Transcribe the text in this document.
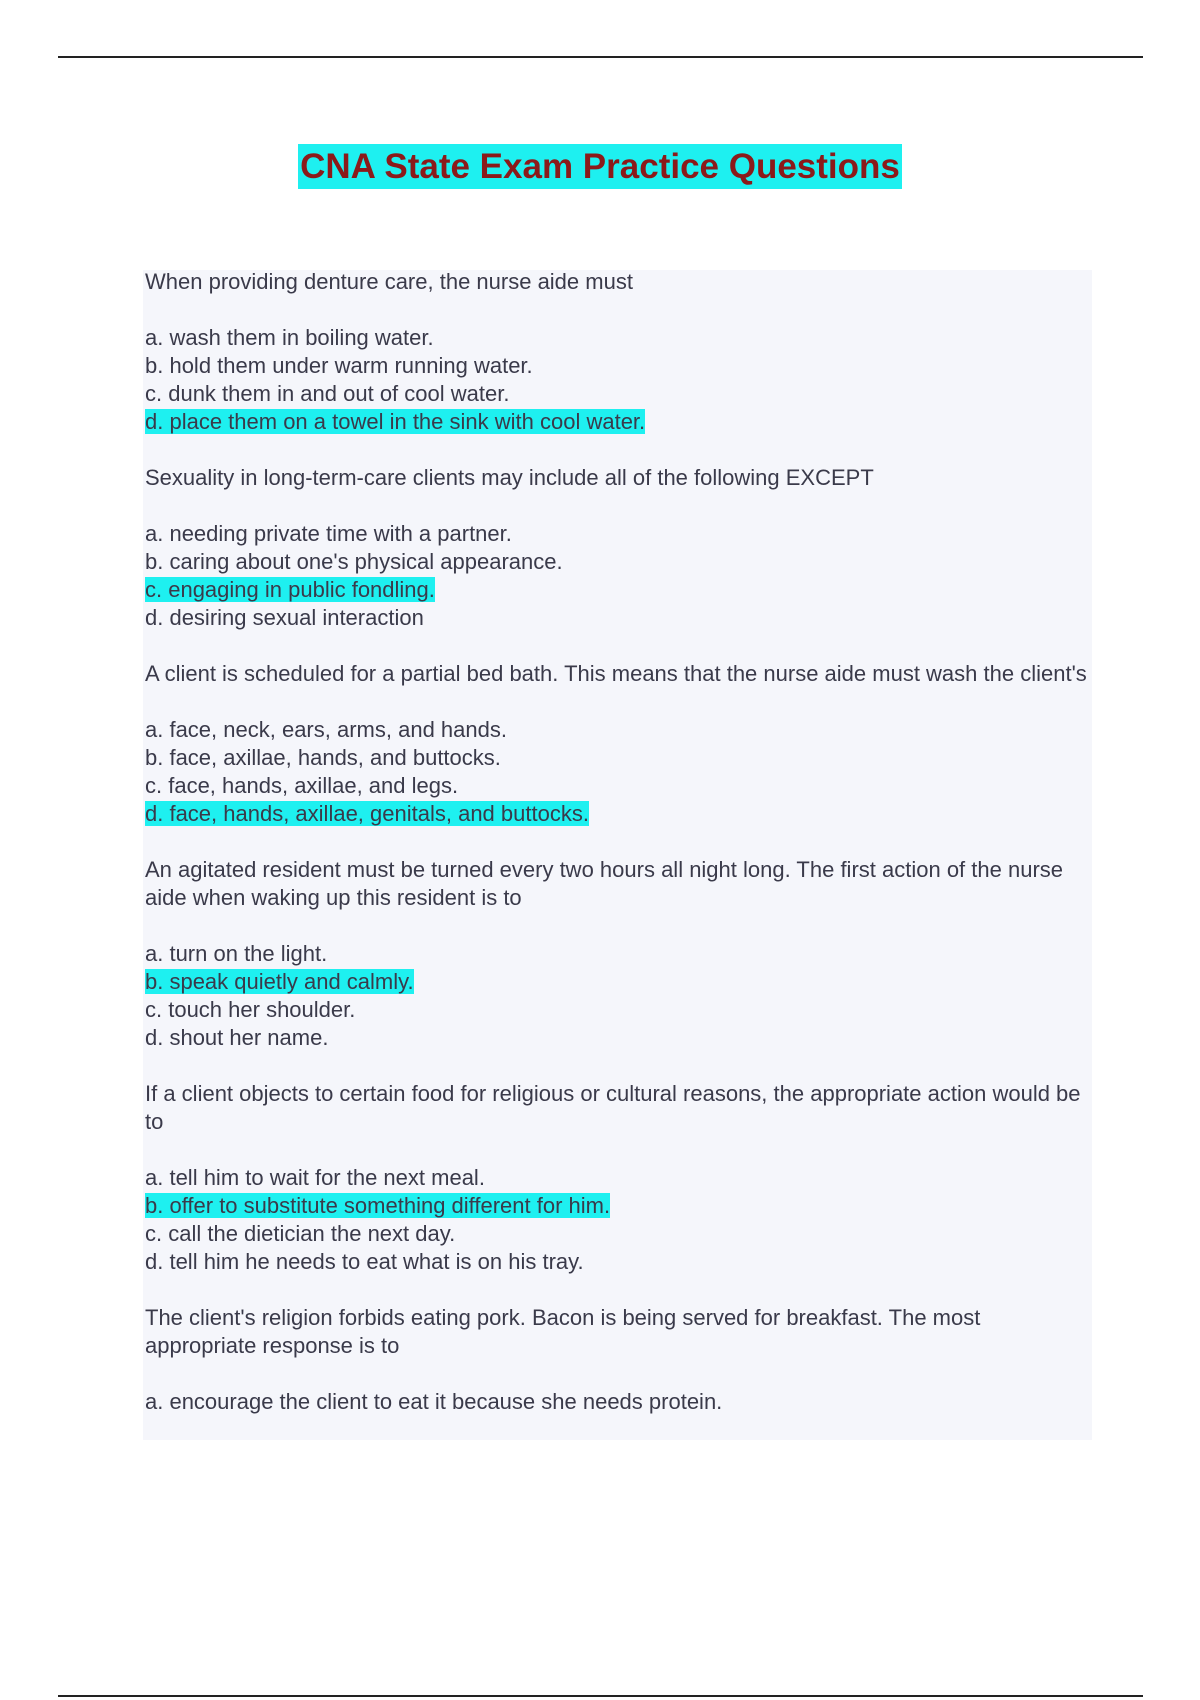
CNA State Exam Practice Questions
When providing denture care, the nurse aide must
a. wash them in boiling water.
b. hold them under warm running water.
c. dunk them in and out of cool water.
d. place them on a towel in the sink with cool water.
Sexuality in long-term-care clients may include all of the following EXCEPT
a. needing private time with a partner.
b. caring about one's physical appearance.
c. engaging in public fondling.
d. desiring sexual interaction
A client is scheduled for a partial bed bath. This means that the nurse aide must wash the client's
a. face, neck, ears, arms, and hands.
b. face, axillae, hands, and buttocks.
c. face, hands, axillae, and legs.
d. face, hands, axillae, genitals, and buttocks.
An agitated resident must be turned every two hours all night long. The first action of the nurse aide when waking up this resident is to
a. turn on the light.
b. speak quietly and calmly.
c. touch her shoulder.
d. shout her name.
If a client objects to certain food for religious or cultural reasons, the appropriate action would be to
a. tell him to wait for the next meal.
b. offer to substitute something different for him.
c. call the dietician the next day.
d. tell him he needs to eat what is on his tray.
The client's religion forbids eating pork. Bacon is being served for breakfast. The most appropriate response is to
a. encourage the client to eat it because she needs protein.
